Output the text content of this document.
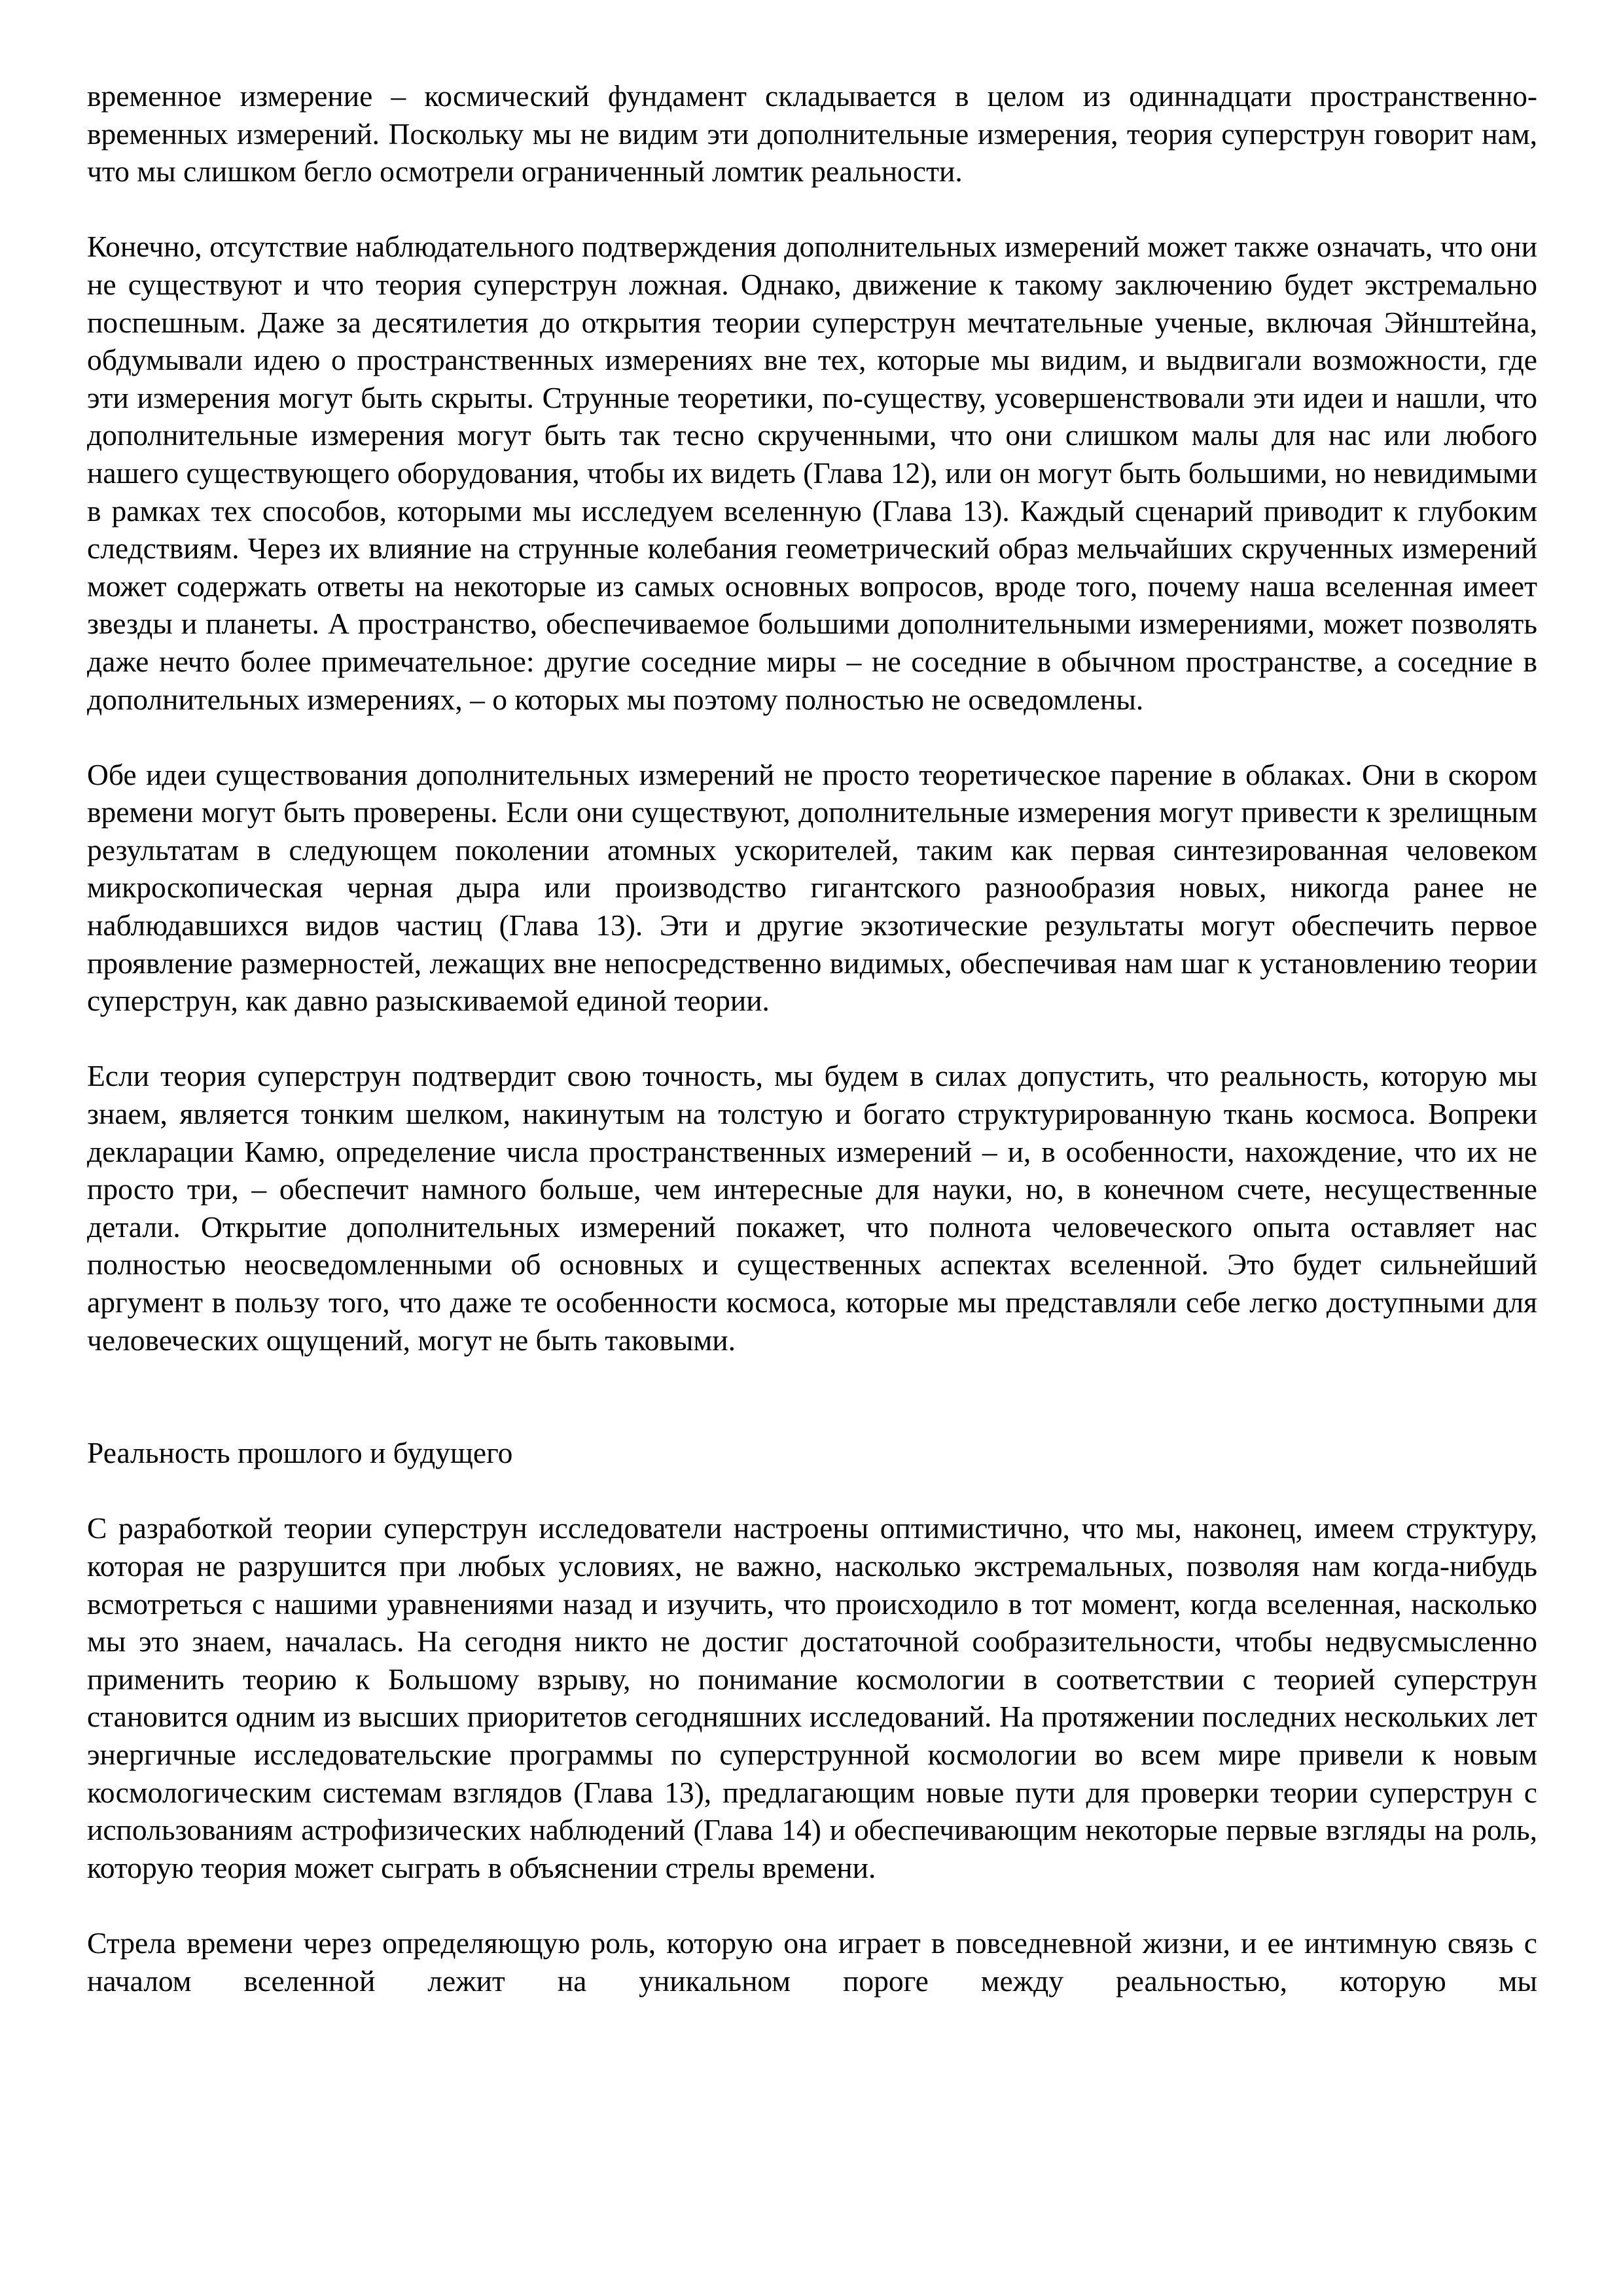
временное измерение – космический фундамент складывается в целом из одиннадцати пространственно-временных измерений. Поскольку мы не видим эти дополнительные измерения, теория суперструн говорит нам, что мы слишком бегло осмотрели ограниченный ломтик реальности.

Конечно, отсутствие наблюдательного подтверждения дополнительных измерений может также означать, что они не существуют и что теория суперструн ложная. Однако, движение к такому заключению будет экстремально поспешным. Даже за десятилетия до открытия теории суперструн мечтательные ученые, включая Эйнштейна, обдумывали идею о пространственных измерениях вне тех, которые мы видим, и выдвигали возможности, где эти измерения могут быть скрыты. Струнные теоретики, по-существу, усовершенствовали эти идеи и нашли, что дополнительные измерения могут быть так тесно скрученными, что они слишком малы для нас или любого нашего существующего оборудования, чтобы их видеть (Глава 12), или он могут быть большими, но невидимыми в рамках тех способов, которыми мы исследуем вселенную (Глава 13). Каждый сценарий приводит к глубоким следствиям. Через их влияние на струнные колебания геометрический образ мельчайших скрученных измерений может содержать ответы на некоторые из самых основных вопросов, вроде того, почему наша вселенная имеет звезды и планеты. А пространство, обеспечиваемое большими дополнительными измерениями, может позволять даже нечто более примечательное: другие соседние миры – не соседние в обычном пространстве, а соседние в дополнительных измерениях, – о которых мы поэтому полностью не осведомлены.

Обе идеи существования дополнительных измерений не просто теоретическое парение в облаках. Они в скором времени могут быть проверены. Если они существуют, дополнительные измерения могут привести к зрелищным результатам в следующем поколении атомных ускорителей, таким как первая синтезированная человеком микроскопическая черная дыра или производство гигантского разнообразия новых, никогда ранее не наблюдавшихся видов частиц (Глава 13). Эти и другие экзотические результаты могут обеспечить первое проявление размерностей, лежащих вне непосредственно видимых, обеспечивая нам шаг к установлению теории суперструн, как давно разыскиваемой единой теории.

Если теория суперструн подтвердит свою точность, мы будем в силах допустить, что реальность, которую мы знаем, является тонким шелком, накинутым на толстую и богато структурированную ткань космоса. Вопреки декларации Камю, определение числа пространственных измерений – и, в особенности, нахождение, что их не просто три, – обеспечит намного больше, чем интересные для науки, но, в конечном счете, несущественные детали. Открытие дополнительных измерений покажет, что полнота человеческого опыта оставляет нас полностью неосведомленными об основных и существенных аспектах вселенной. Это будет сильнейший аргумент в пользу того, что даже те особенности космоса, которые мы представляли себе легко доступными для человеческих ощущений, могут не быть таковыми.

Реальность прошлого и будущего

С разработкой теории суперструн исследователи настроены оптимистично, что мы, наконец, имеем структуру, которая не разрушится при любых условиях, не важно, насколько экстремальных, позволяя нам когда-нибудь всмотреться с нашими уравнениями назад и изучить, что происходило в тот момент, когда вселенная, насколько мы это знаем, началась. На сегодня никто не достиг достаточной сообразительности, чтобы недвусмысленно применить теорию к Большому взрыву, но понимание космологии в соответствии с теорией суперструн становится одним из высших приоритетов сегодняшних исследований. На протяжении последних нескольких лет энергичные исследовательские программы по суперструнной космологии во всем мире привели к новым космологическим системам взглядов (Глава 13), предлагающим новые пути для проверки теории суперструн с использованиям астрофизических наблюдений (Глава 14) и обеспечивающим некоторые первые взгляды на роль, которую теория может сыграть в объяснении стрелы времени.

Стрела времени через определяющую роль, которую она играет в повседневной жизни, и ее интимную связь с началом вселенной лежит на уникальном пороге между реальностью, которую мы
